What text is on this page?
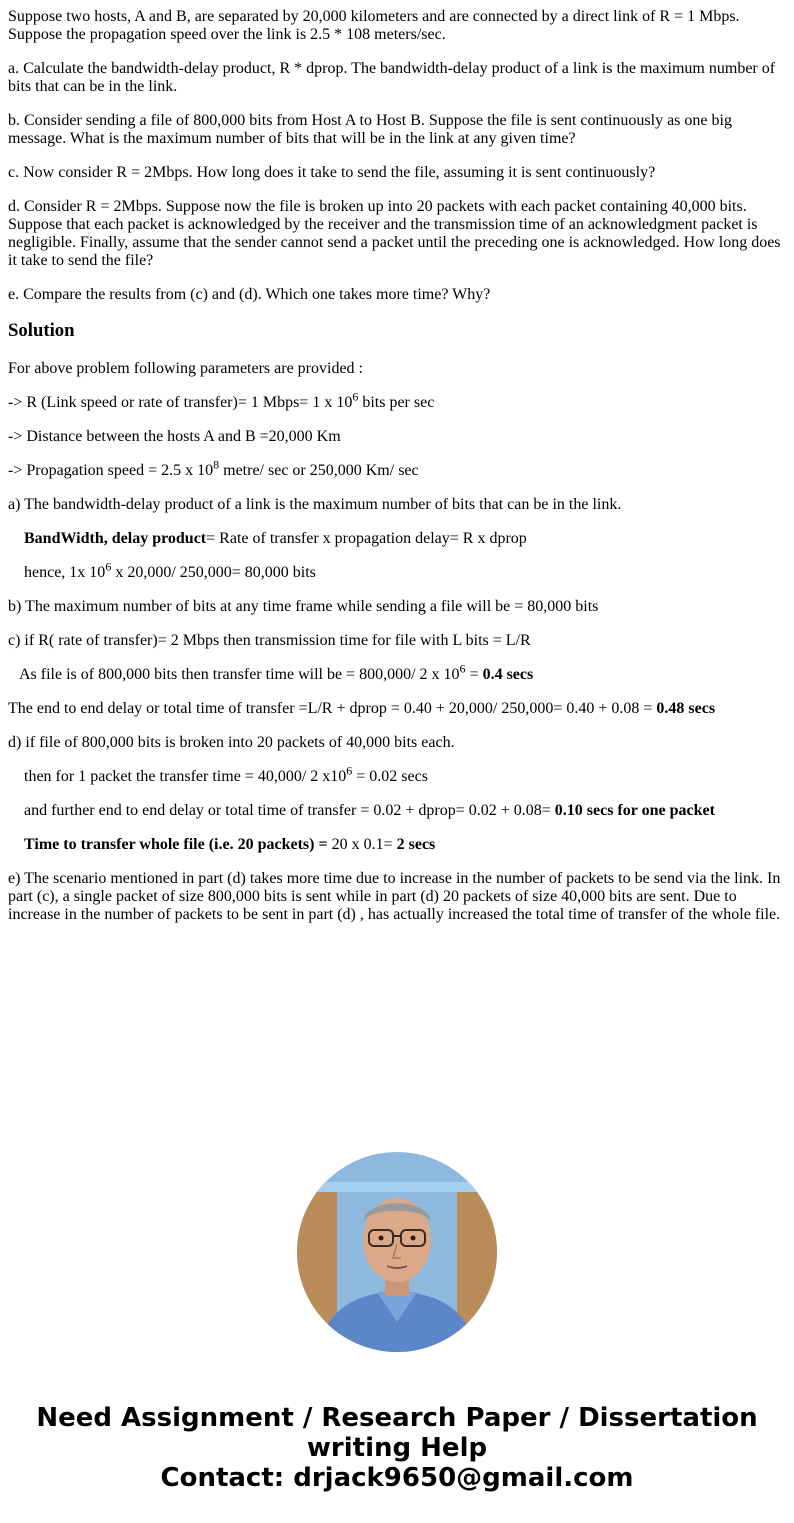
Suppose two hosts, A and B, are separated by 20,000 kilometers and are connected by a direct link of R = 1 Mbps.
Suppose the propagation speed over the link is 2.5 * 108 meters/sec.

a. Calculate the bandwidth-delay product, R * dprop. The bandwidth-delay product of a link is the maximum number of bits that can be in the link.

b. Consider sending a file of 800,000 bits from Host A to Host B. Suppose the file is sent continuously as one big message. What is the maximum number of bits that will be in the link at any given time?

c. Now consider R = 2Mbps. How long does it take to send the file, assuming it is sent continuously?

d. Consider R = 2Mbps. Suppose now the file is broken up into 20 packets with each packet containing 40,000 bits. Suppose that each packet is acknowledged by the receiver and the transmission time of an acknowledgment packet is negligible. Finally, assume that the sender cannot send a packet until the preceding one is acknowledged. How long does it take to send the file?

e. Compare the results from (c) and (d). Which one takes more time? Why?

Solution

For above problem following parameters are provided :

-> R (Link speed or rate of transfer)= 1 Mbps= 1 x $10^6$ bits per sec

-> Distance between the hosts A and B =20,000 Km

-> Propagation speed = 2.5 x $10^8$ metre/ sec or 250,000 Km/ sec

a) The bandwidth-delay product of a link is the maximum number of bits that can be in the link.

BandWidth, delay product= Rate of transfer x propagation delay= R x dprop

hence, 1x $10^6$ x 20,000/ 250,000= 80,000 bits

b) The maximum number of bits at any time frame while sending a file will be = 80,000 bits

c) if R( rate of transfer)= 2 Mbps then transmission time for file with L bits = L/R

As file is of 800,000 bits then transfer time will be = 800,000/ 2 x $10^6 = 0.4$ secs

The end to end delay or total time of transfer =L/R + dprop = 0.40 + 20,000/ 250,000= 0.40 + 0.08 = 0.48 secs

d) if file of 800,000 bits is broken into 20 packets of 40,000 bits each.

then for 1 packet the transfer time = 40,000/ 2 $x10^6 = 0.02$ secs

and further end to end delay or total time of transfer = 0.02 + dprop= 0.02 + 0.08= 0.10 secs for one packet

Time to transfer whole file (i.e. 20 packets) = 20 x 0.1= 2 secs

e) The scenario mentioned in part (d) takes more time due to increase in the number of packets to be send via the link. In part (c), a single packet of size 800,000 bits is sent while in part (d) 20 packets of size 40,000 bits are sent. Due to increase in the number of packets to be sent in part (d) , has actually increased the total time of transfer of the whole file.

Need Assignment / Research Paper / Dissertation
writing Help
Contact: drjack9650@gmail.com
